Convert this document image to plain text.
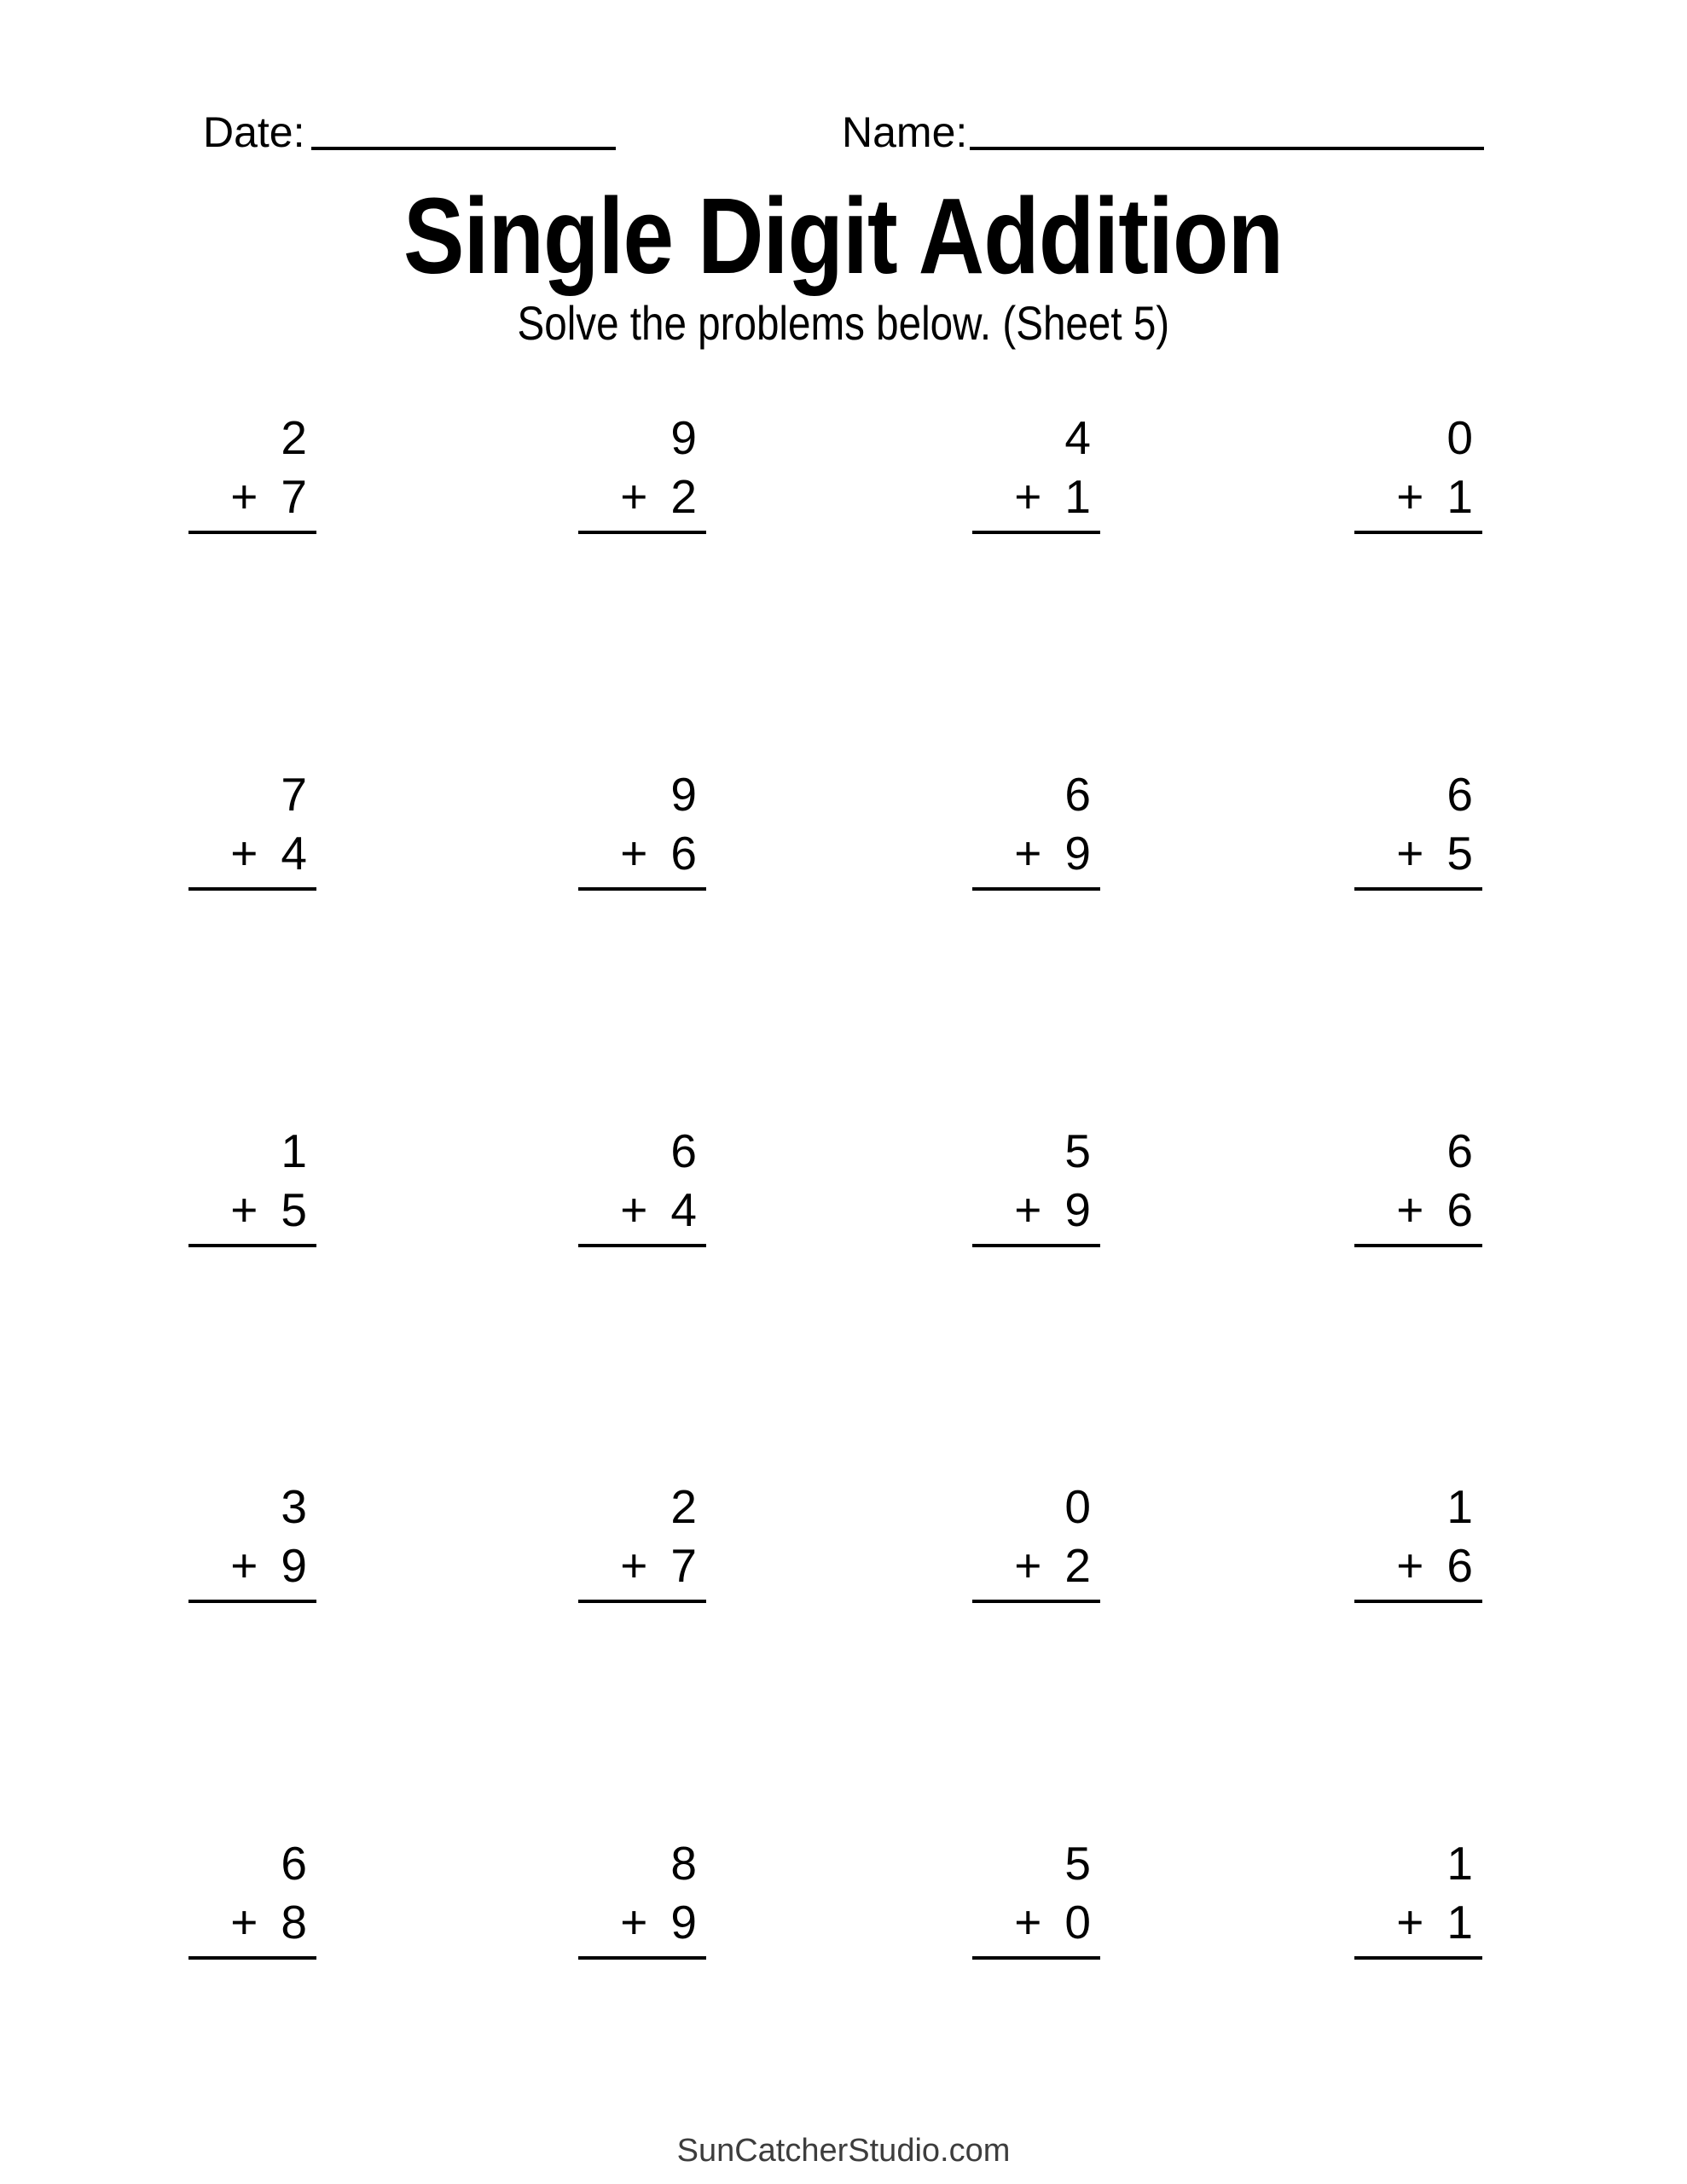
Date:	Name:
Single Digit Addition
Solve the problems below. (Sheet 5)
2
+ 7
9
+ 2
4
+ 1
0
+ 1
7
+ 4
9
+ 6
6
+ 9
6
+ 5
1
+ 5
6
+ 4
5
+ 9
6
+ 6
3
+ 9
2
+ 7
0
+ 2
1
+ 6
6
+ 8
8
+ 9
5
+ 0
1
+ 1
SunCatcherStudio.com
